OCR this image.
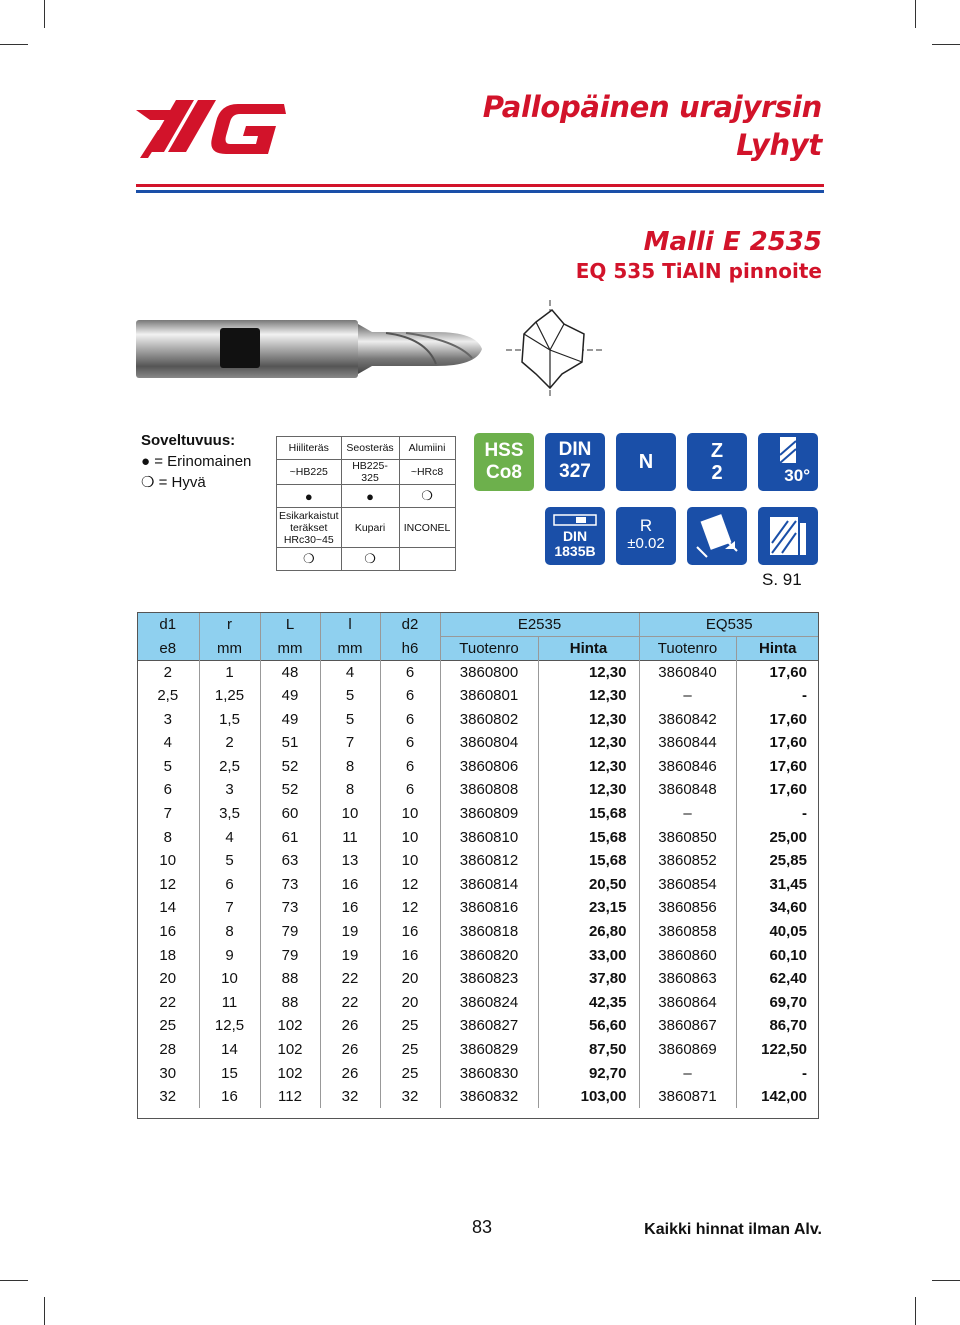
Pallopäinen urajyrsin
Lyhyt
Malli E 2535
EQ 535 TiAlN pinnoite
Soveltuvuus:
● = Erinomainen
❍ = Hyvä
Hiiliteräs	Seosteräs	Alumiini
~HB225	HB225-325	~HRc8
●	●	❍
Esikarkaistut teräkset HRc30~45	Kupari	INCONEL
❍	❍	
HSS
Co8
DIN
327	N	Z
2	30°
DIN
1835B
R
±0.02
S. 91
d1	r	L	l	d2	E2535		EQ535	
e8	mm	mm	mm	h6	Tuotenro	Hinta	Tuotenro	Hinta
2	1	48	4	6	3860800	12,30	3860840	17,60
2,5	1,25	49	5	6	3860801	12,30	–	-
3	1,5	49	5	6	3860802	12,30	3860842	17,60
4	2	51	7	6	3860804	12,30	3860844	17,60
5	2,5	52	8	6	3860806	12,30	3860846	17,60
6	3	52	8	6	3860808	12,30	3860848	17,60
7	3,5	60	10	10	3860809	15,68	–	-
8	4	61	11	10	3860810	15,68	3860850	25,00
10	5	63	13	10	3860812	15,68	3860852	25,85
12	6	73	16	12	3860814	20,50	3860854	31,45
14	7	73	16	12	3860816	23,15	3860856	34,60
16	8	79	19	16	3860818	26,80	3860858	40,05
18	9	79	19	16	3860820	33,00	3860860	60,10
20	10	88	22	20	3860823	37,80	3860863	62,40
22	11	88	22	20	3860824	42,35	3860864	69,70
25	12,5	102	26	25	3860827	56,60	3860867	86,70
28	14	102	26	25	3860829	87,50	3860869	122,50
30	15	102	26	25	3860830	92,70	–	-
32	16	112	32	32	3860832	103,00	3860871	142,00
83	Kaikki hinnat ilman Alv.
